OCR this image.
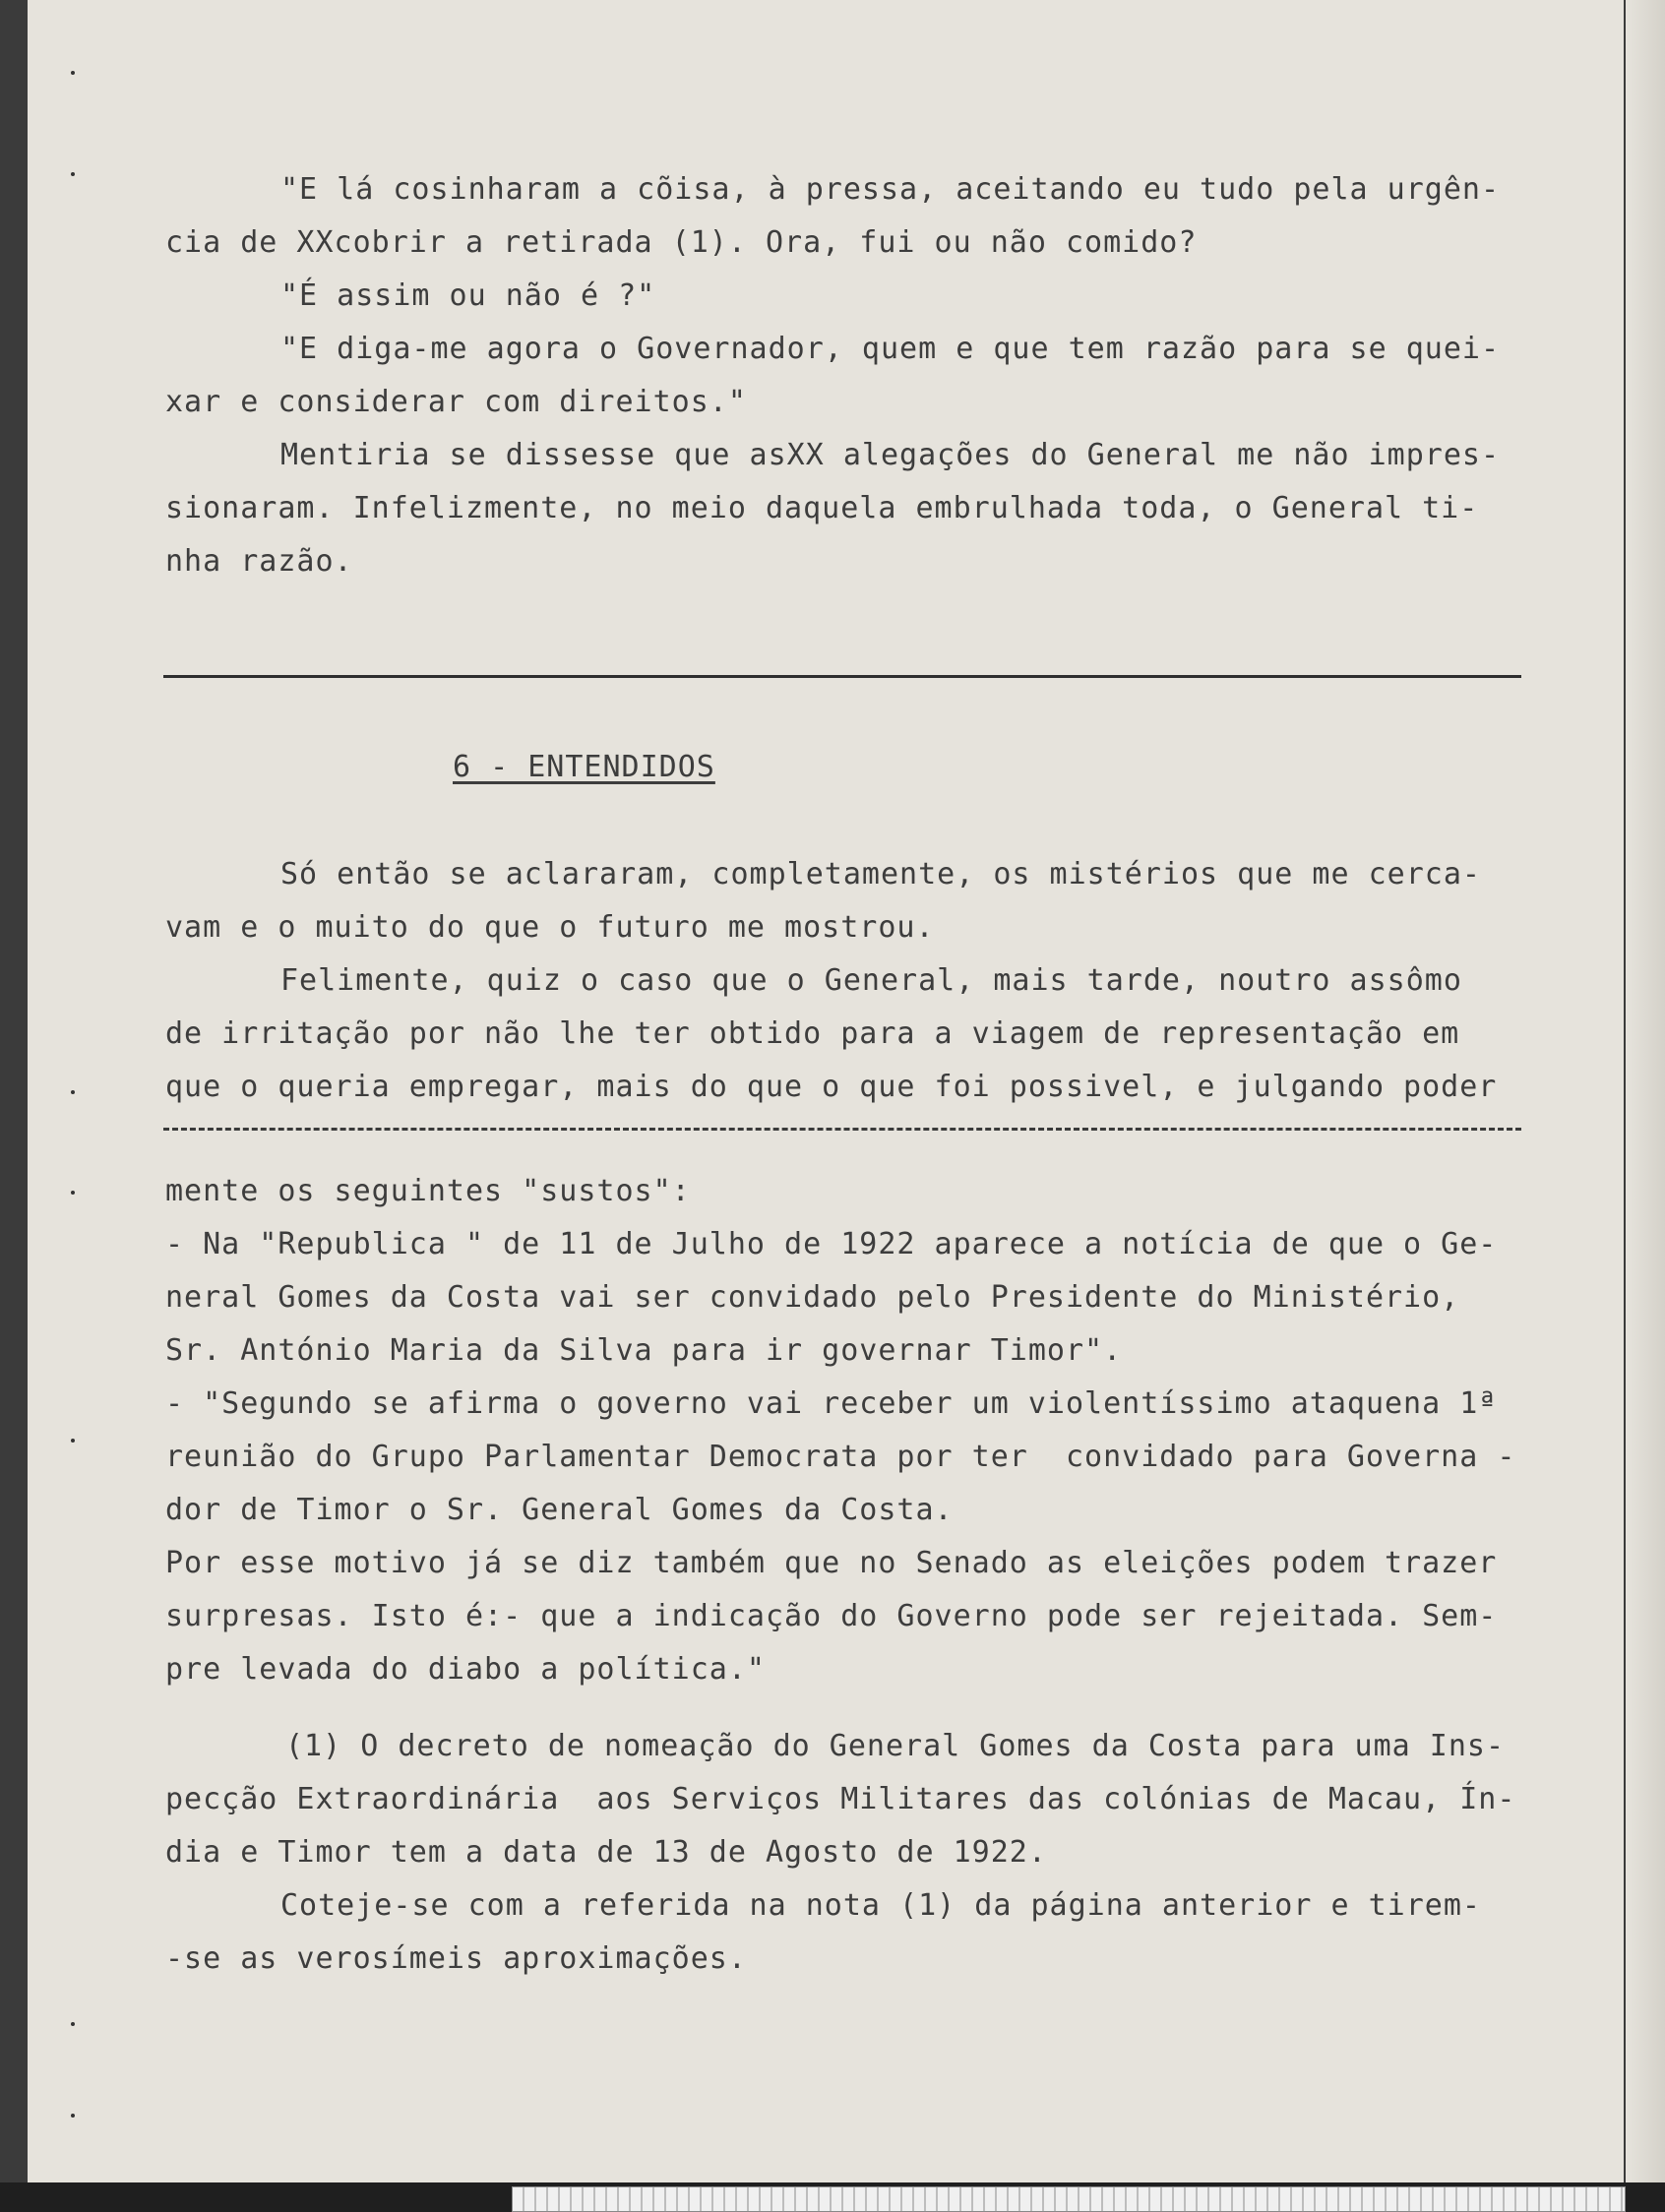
"E lá cosinharam a cõisa, à pressa, aceitando eu tudo pela urgên-
cia de XXcobrir a retirada (1). Ora, fui ou não comido?
"É assim ou não é ?"
"E diga-me agora o Governador, quem e que tem razão para se quei-
xar e considerar com direitos."
Mentiria se dissesse que asXX alegações do General me não impres-
sionaram. Infelizmente, no meio daquela embrulhada toda, o General ti-
nha razão.
6 - ENTENDIDOS
Só então se aclararam, completamente, os mistérios que me cerca-
vam e o muito do que o futuro me mostrou.
Felimente, quiz o caso que o General, mais tarde, noutro assômo
de irritação por não lhe ter obtido para a viagem de representação em
que o queria empregar, mais do que o que foi possivel, e julgando poder
mente os seguintes "sustos":
- Na "Republica " de 11 de Julho de 1922 aparece a notícia de que o Ge-
neral Gomes da Costa vai ser convidado pelo Presidente do Ministério,
Sr. António Maria da Silva para ir governar Timor".
- "Segundo se afirma o governo vai receber um violentíssimo ataquena 1ª
reunião do Grupo Parlamentar Democrata por ter  convidado para Governa -
dor de Timor o Sr. General Gomes da Costa.
Por esse motivo já se diz também que no Senado as eleições podem trazer
surpresas. Isto é:- que a indicação do Governo pode ser rejeitada. Sem-
pre levada do diabo a política."
(1) O decreto de nomeação do General Gomes da Costa para uma Ins-
pecção Extraordinária  aos Serviços Militares das colónias de Macau, Ín-
dia e Timor tem a data de 13 de Agosto de 1922.
Coteje-se com a referida na nota (1) da página anterior e tirem-
-se as verosímeis aproximações.
